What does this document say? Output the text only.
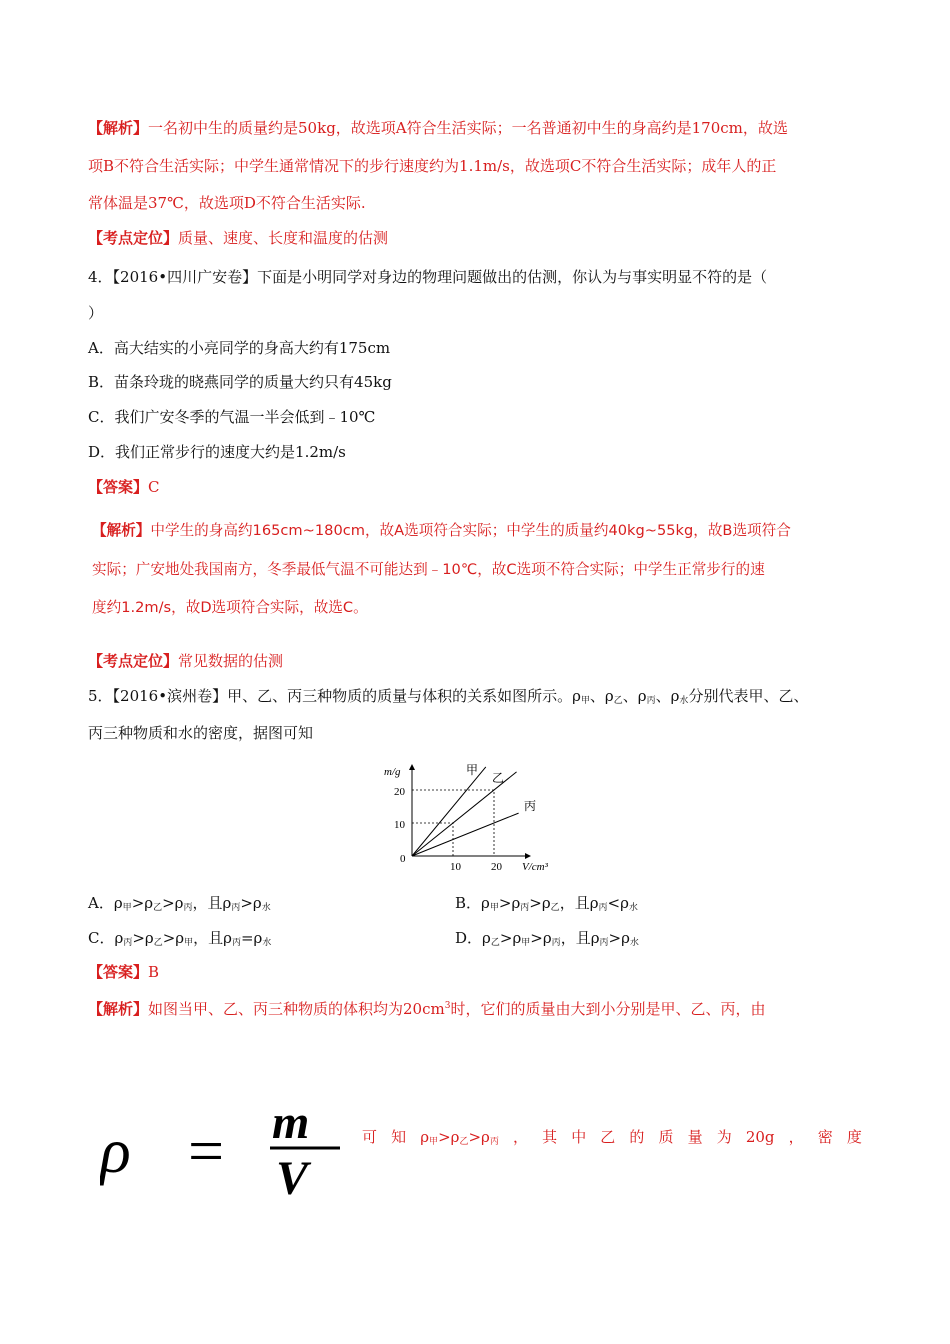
【解析】一名初中生的质量约是50kg，故选项A符合生活实际；一名普通初中生的身高约是170cm，故选
项B不符合生活实际；中学生通常情况下的步行速度约为1.1m/s，故选项C不符合生活实际；成年人的正
常体温是37℃，故选项D不符合生活实际.
【考点定位】质量、速度、长度和温度的估测
4．【2016•四川广安卷】下面是小明同学对身边的物理问题做出的估测，你认为与事实明显不符的是（
）
A．高大结实的小亮同学的身高大约有175cm
B．苗条玲珑的晓燕同学的质量大约只有45kg
C．我们广安冬季的气温一半会低到﹣10℃
D．我们正常步行的速度大约是1.2m/s
【答案】C
【解析】中学生的身高约165cm~180cm，故A选项符合实际；中学生的质量约40kg~55kg，故B选项符合
实际；广安地处我国南方，冬季最低气温不可能达到﹣10℃，故C选项不符合实际；中学生正常步行的速
度约1.2m/s，故D选项符合实际，故选C。
【考点定位】常见数据的估测
5．【2016•滨州卷】甲、乙、丙三种物质的质量与体积的关系如图所示。$\rho_甲$、$\rho_乙$、$\rho_丙$、$\rho_水$分别代表甲、乙、
丙三种物质和水的密度，据图可知
m/g
V/cm³
0
10
20
10	20
甲
乙
丙
A．$\rho_甲>\rho_乙>\rho_丙$，且$\rho_丙>\rho_水$	B．$\rho_甲>\rho_丙>\rho_乙$，且$\rho_丙<\rho_水$
C．$\rho_丙>\rho_乙>\rho_甲$，且$\rho_丙=\rho_水$	D．$\rho_乙>\rho_甲>\rho_丙$，且$\rho_丙>\rho_水$
【答案】B
【解析】如图当甲、乙、丙三种物质的体积均为$20cm^3$时，它们的质量由大到小分别是甲、乙、丙，由
ρ = m
V
可 知 $\rho_甲>\rho_乙>\rho_丙$ ， 其 中 乙 的 质 量 为 20g ， 密 度
